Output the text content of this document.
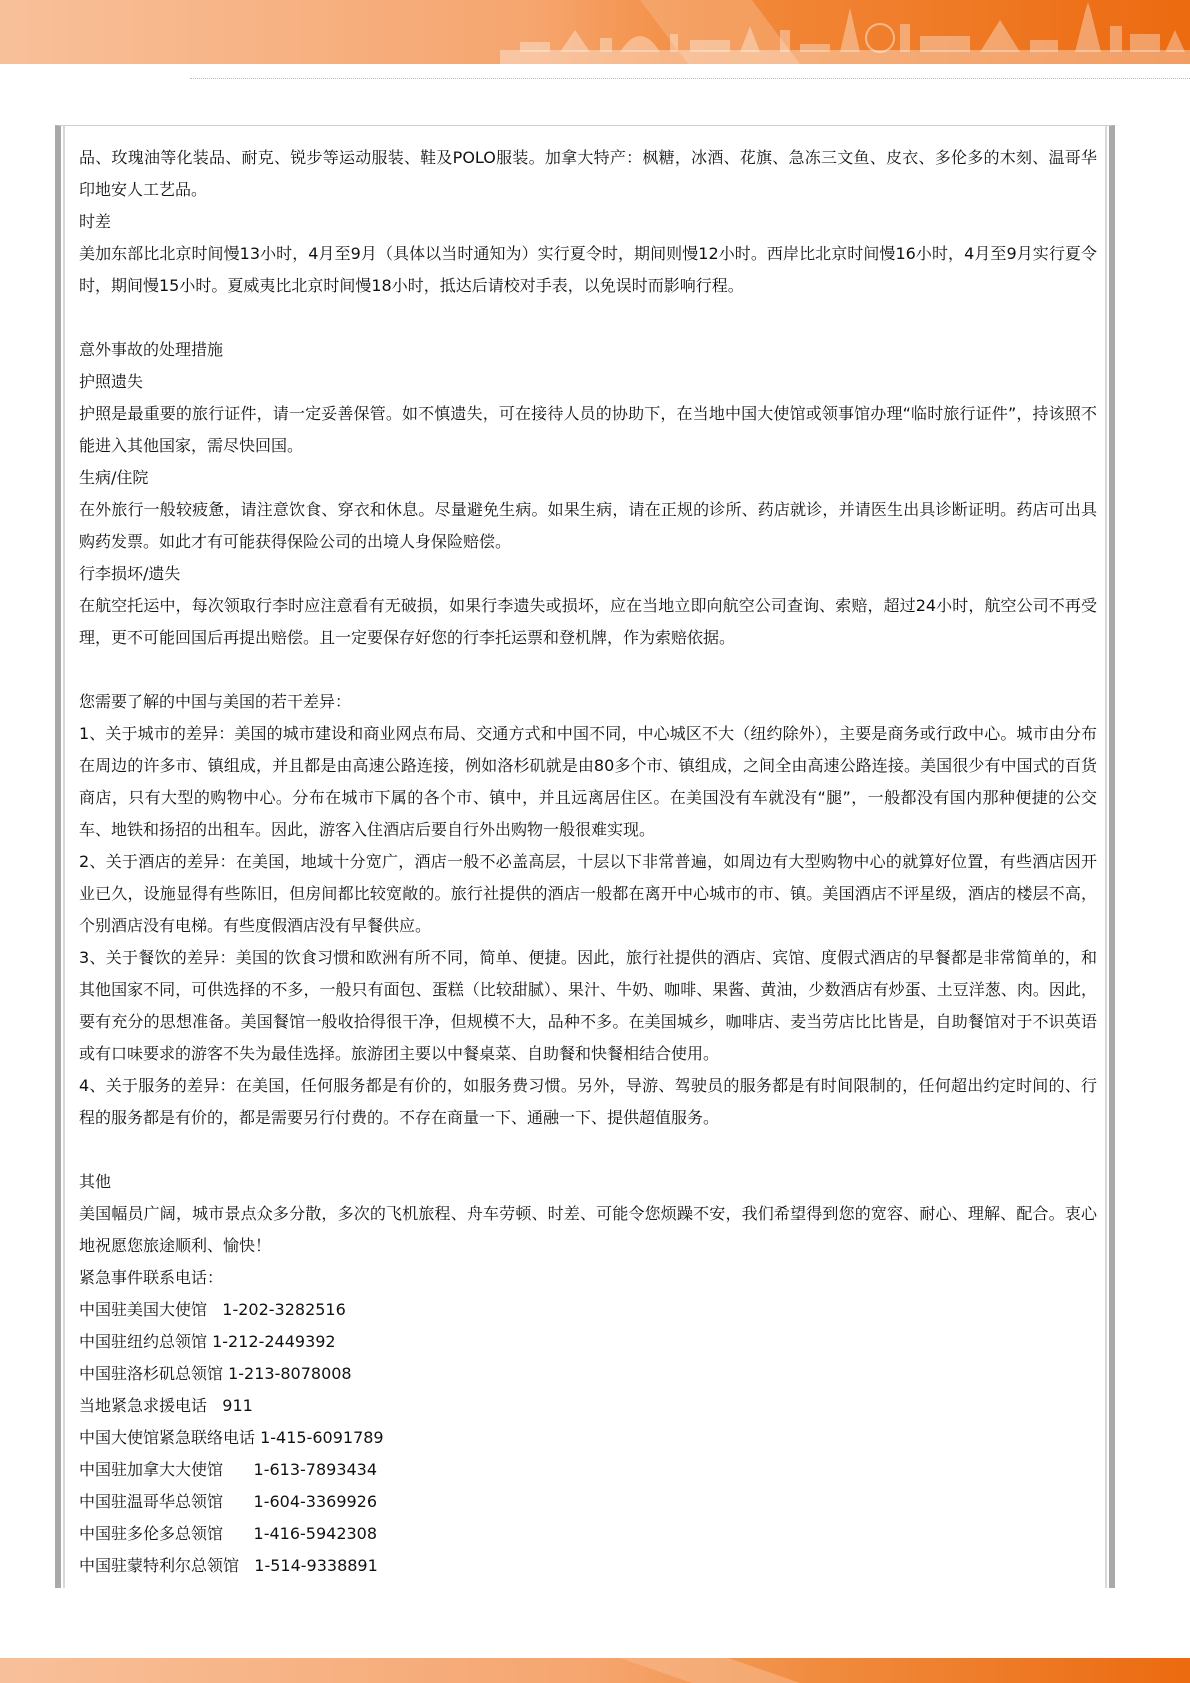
品、玫瑰油等化装品、耐克、锐步等运动服装、鞋及POLO服装。加拿大特产：枫糖，冰酒、花旗、急冻三文鱼、皮衣、多伦多的木刻、温哥华印地安人工艺品。
时差
美加东部比北京时间慢13小时，4月至9月（具体以当时通知为）实行夏令时，期间则慢12小时。西岸比北京时间慢16小时，4月至9月实行夏令时，期间慢15小时。夏威夷比北京时间慢18小时，抵达后请校对手表，以免误时而影响行程。
意外事故的处理措施
护照遗失
护照是最重要的旅行证件，请一定妥善保管。如不慎遗失，可在接待人员的协助下，在当地中国大使馆或领事馆办理“临时旅行证件”，持该照不能进入其他国家，需尽快回国。
生病/住院
在外旅行一般较疲惫，请注意饮食、穿衣和休息。尽量避免生病。如果生病，请在正规的诊所、药店就诊，并请医生出具诊断证明。药店可出具购药发票。如此才有可能获得保险公司的出境人身保险赔偿。
行李损坏/遗失
在航空托运中，每次领取行李时应注意看有无破损，如果行李遗失或损坏，应在当地立即向航空公司查询、索赔，超过24小时，航空公司不再受理，更不可能回国后再提出赔偿。且一定要保存好您的行李托运票和登机牌，作为索赔依据。
您需要了解的中国与美国的若干差异：
1、关于城市的差异：美国的城市建设和商业网点布局、交通方式和中国不同，中心城区不大（纽约除外），主要是商务或行政中心。城市由分布在周边的许多市、镇组成，并且都是由高速公路连接，例如洛杉矶就是由80多个市、镇组成，之间全由高速公路连接。美国很少有中国式的百货商店，只有大型的购物中心。分布在城市下属的各个市、镇中，并且远离居住区。在美国没有车就没有“腿”，一般都没有国内那种便捷的公交车、地铁和扬招的出租车。因此，游客入住酒店后要自行外出购物一般很难实现。
2、关于酒店的差异：在美国，地域十分宽广，酒店一般不必盖高层，十层以下非常普遍，如周边有大型购物中心的就算好位置，有些酒店因开业已久，设施显得有些陈旧，但房间都比较宽敞的。旅行社提供的酒店一般都在离开中心城市的市、镇。美国酒店不评星级，酒店的楼层不高，个别酒店没有电梯。有些度假酒店没有早餐供应。
3、关于餐饮的差异：美国的饮食习惯和欧洲有所不同，简单、便捷。因此，旅行社提供的酒店、宾馆、度假式酒店的早餐都是非常简单的，和其他国家不同，可供选择的不多，一般只有面包、蛋糕（比较甜腻）、果汁、牛奶、咖啡、果酱、黄油，少数酒店有炒蛋、土豆洋葱、肉。因此，要有充分的思想准备。美国餐馆一般收拾得很干净，但规模不大，品种不多。在美国城乡，咖啡店、麦当劳店比比皆是，自助餐馆对于不识英语或有口味要求的游客不失为最佳选择。旅游团主要以中餐桌菜、自助餐和快餐相结合使用。
4、关于服务的差异：在美国，任何服务都是有价的，如服务费习惯。另外，导游、驾驶员的服务都是有时间限制的，任何超出约定时间的、行程的服务都是有价的，都是需要另行付费的。不存在商量一下、通融一下、提供超值服务。
其他
美国幅员广阔，城市景点众多分散，多次的飞机旅程、舟车劳顿、时差、可能令您烦躁不安，我们希望得到您的宽容、耐心、理解、配合。衷心地祝愿您旅途顺利、愉快！
紧急事件联系电话：
中国驻美国大使馆   1-202-3282516
中国驻纽约总领馆 1-212-2449392
中国驻洛杉矶总领馆 1-213-8078008
当地紧急求援电话   911
中国大使馆紧急联络电话 1-415-6091789
中国驻加拿大大使馆      1-613-7893434
中国驻温哥华总领馆      1-604-3369926
中国驻多伦多总领馆      1-416-5942308
中国驻蒙特利尔总领馆   1-514-9338891
